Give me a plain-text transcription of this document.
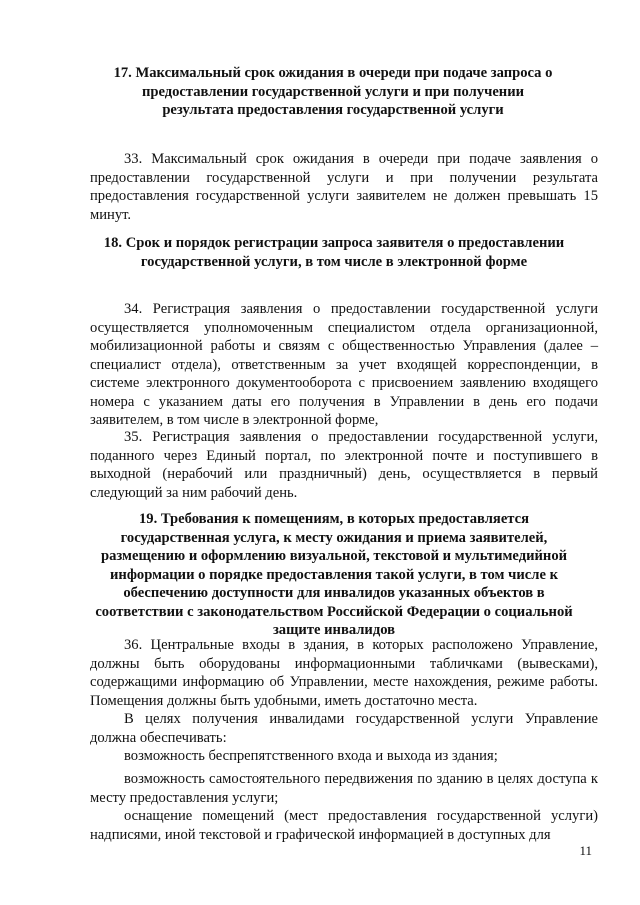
17. Максимальный срок ожидания в очереди при подаче запроса о предоставлении государственной услуги и при получении результата предоставления государственной услуги
33. Максимальный срок ожидания в очереди при подаче заявления о предоставлении государственной услуги и при получении результата предоставления государственной услуги заявителем не должен превышать 15 минут.
18. Срок и порядок регистрации запроса заявителя о предоставлении государственной услуги, в том числе в электронной форме
34. Регистрация заявления о предоставлении государственной услуги осуществляется уполномоченным специалистом отдела организационной, мобилизационной работы и связям с общественностью Управления (далее – специалист отдела), ответственным за учет входящей корреспонденции, в системе электронного документооборота с присвоением заявлению входящего номера с указанием даты его получения в Управлении в день его подачи заявителем, в том числе в электронной форме,
35. Регистрация заявления о предоставлении государственной услуги, поданного через Единый портал, по электронной почте и поступившего в выходной (нерабочий или праздничный) день, осуществляется в первый следующий за ним рабочий день.
19. Требования к помещениям, в которых предоставляется государственная услуга, к месту ожидания и приема заявителей, размещению и оформлению визуальной, текстовой и мультимедийной информации о порядке предоставления такой услуги, в том числе к обеспечению доступности для инвалидов указанных объектов в соответствии с законодательством Российской Федерации о социальной защите инвалидов
36. Центральные входы в здания, в которых расположено Управление, должны быть оборудованы информационными табличками (вывесками), содержащими информацию об Управлении, месте нахождения, режиме работы. Помещения должны быть удобными, иметь достаточно места.
В целях получения инвалидами государственной услуги Управление должна обеспечивать:
возможность беспрепятственного входа и выхода из здания;
возможность самостоятельного передвижения по зданию в целях доступа к месту предоставления услуги;
оснащение помещений (мест предоставления государственной услуги) надписями, иной текстовой и графической информацией в доступных для
11
